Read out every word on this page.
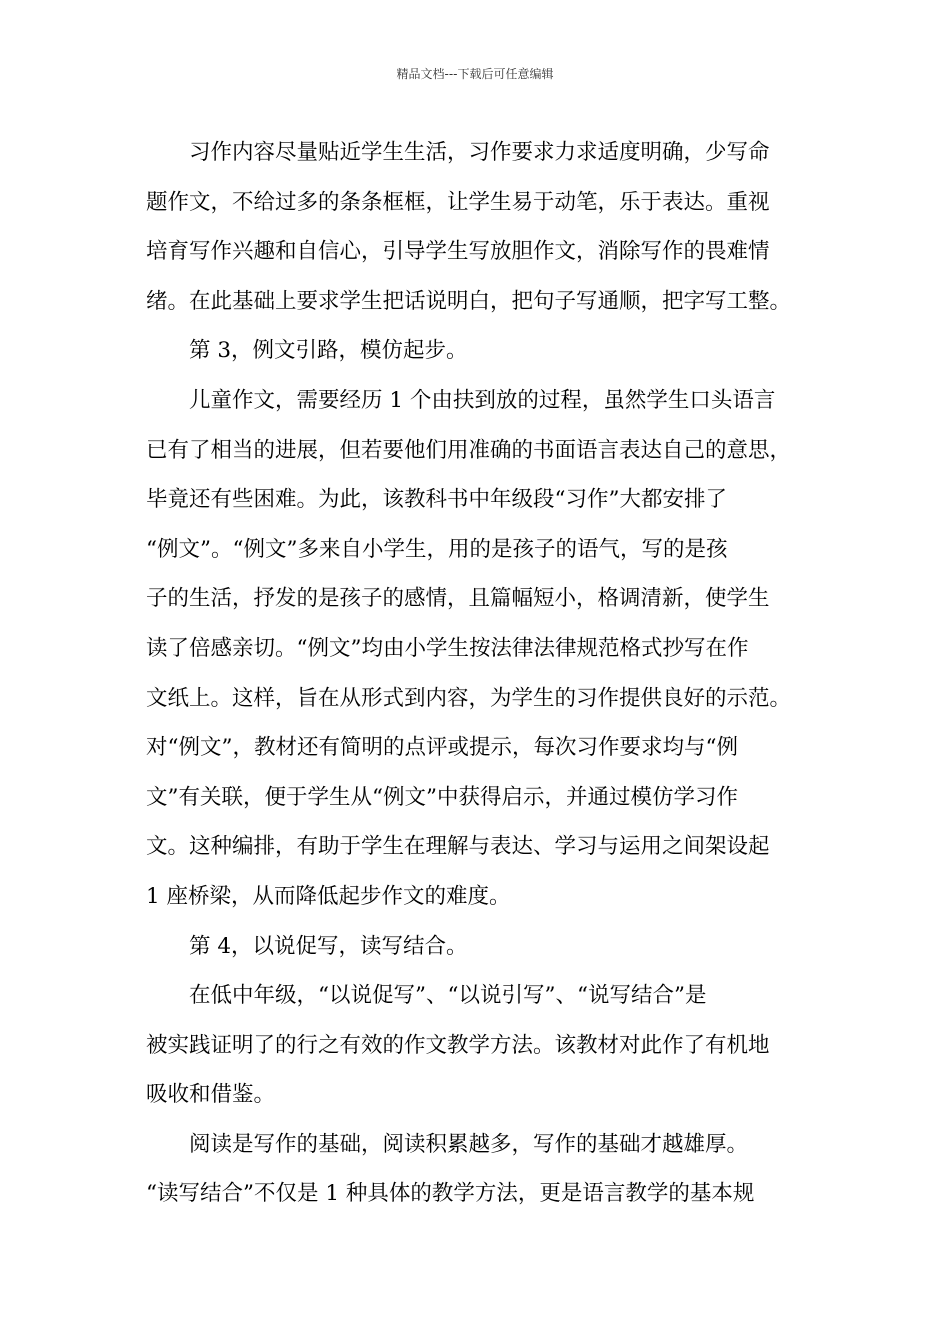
精品文档---下载后可任意编辑
习作内容尽量贴近学生生活，习作要求力求适度明确，少写命
题作文，不给过多的条条框框，让学生易于动笔，乐于表达。重视
培育写作兴趣和自信心，引导学生写放胆作文，消除写作的畏难情
绪。在此基础上要求学生把话说明白，把句子写通顺，把字写工整。
第 3，例文引路，模仿起步。
儿童作文，需要经历 1 个由扶到放的过程，虽然学生口头语言
已有了相当的进展，但若要他们用准确的书面语言表达自己的意思，
毕竟还有些困难。为此，该教科书中年级段“习作”大都安排了
“例文”。“例文”多来自小学生，用的是孩子的语气，写的是孩
子的生活，抒发的是孩子的感情，且篇幅短小，格调清新，使学生
读了倍感亲切。“例文”均由小学生按法律法律规范格式抄写在作
文纸上。这样，旨在从形式到内容，为学生的习作提供良好的示范。
对“例文”，教材还有简明的点评或提示，每次习作要求均与“例
文”有关联，便于学生从“例文”中获得启示，并通过模仿学习作
文。这种编排，有助于学生在理解与表达、学习与运用之间架设起
1 座桥梁，从而降低起步作文的难度。
第 4，以说促写，读写结合。
在低中年级，“以说促写”、“以说引写”、“说写结合”是
被实践证明了的行之有效的作文教学方法。该教材对此作了有机地
吸收和借鉴。
阅读是写作的基础，阅读积累越多，写作的基础才越雄厚。
“读写结合”不仅是 1 种具体的教学方法，更是语言教学的基本规
